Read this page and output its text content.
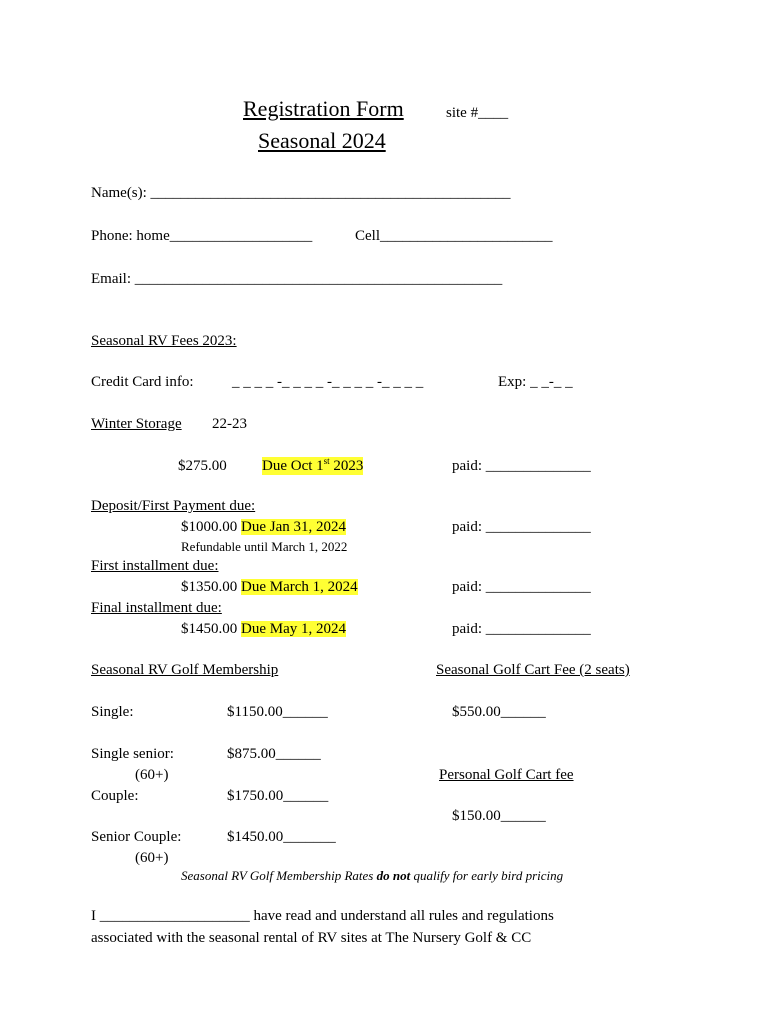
Registration Form	site #____
Seasonal 2024
Name(s): ________________________________________________
Phone: home___________________	Cell_______________________
Email: _________________________________________________
Seasonal RV Fees 2023:
Credit Card info:	_ _ _ _ -_ _ _ _ -_ _ _ _ -_ _ _ _	Exp: _ _-_ _
Winter Storage 22-23
$275.00 Due Oct 1st 2023	paid: ______________
Deposit/First Payment due:
$1000.00 Due Jan 31, 2024	paid: ______________
Refundable until March 1, 2022
First installment due:
$1350.00 Due March 1, 2024	paid: ______________
Final installment due:
$1450.00 Due May 1, 2024	paid: ______________
Seasonal RV Golf Membership	Seasonal Golf Cart Fee (2 seats)
Single:	$1150.00______	$550.00______
Single senior:	$875.00______
(60+)	Personal Golf Cart fee
Couple:	$1750.00______
$150.00______
Senior Couple:	$1450.00_______
(60+)
Seasonal RV Golf Membership Rates do not qualify for early bird pricing
I ____________________ have read and understand all rules and regulations
associated with the seasonal rental of RV sites at The Nursery Golf & CC
